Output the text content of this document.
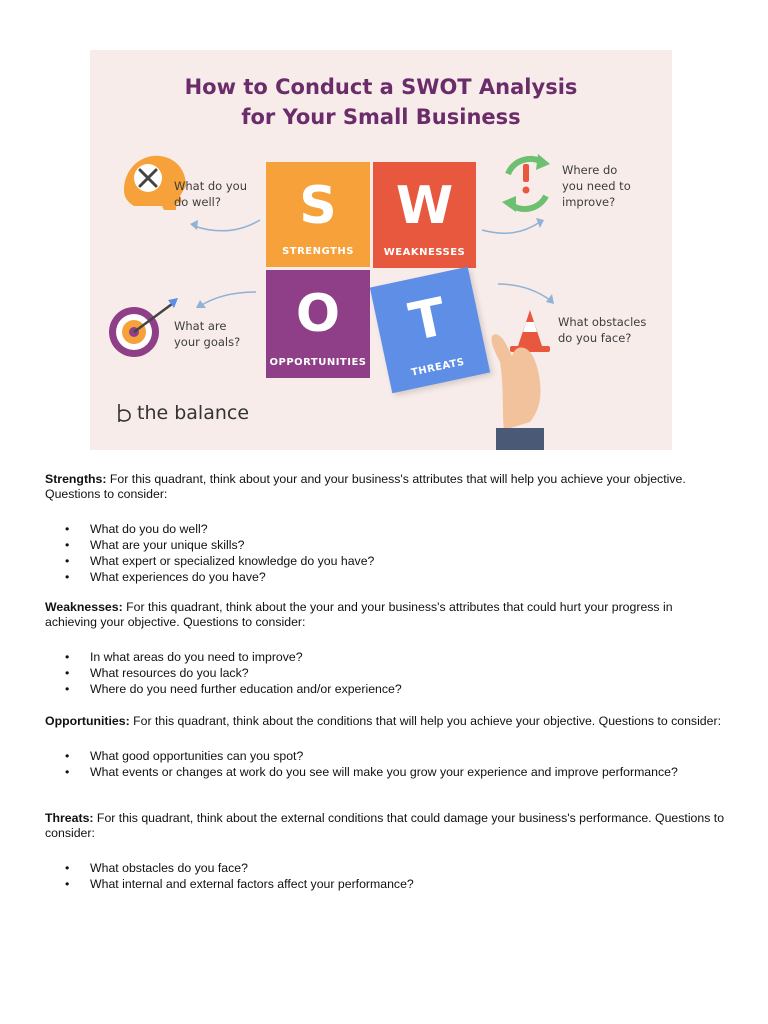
How to Conduct a SWOT Analysis
for Your Small Business
S
STRENGTHS
W
WEAKNESSES
O
OPPORTUNITIES
T
THREATS
What do you
do well?
Where do
you need to
improve?
What are
your goals?
What obstacles
do you face?
the balance

Strengths: For this quadrant, think about your and your business's attributes that will help you achieve your objective. Questions to consider:

• What do you do well?
• What are your unique skills?
• What expert or specialized knowledge do you have?
• What experiences do you have?

Weaknesses: For this quadrant, think about the your and your business's attributes that could hurt your progress in achieving your objective. Questions to consider:

• In what areas do you need to improve?
• What resources do you lack?
• Where do you need further education and/or experience?

Opportunities: For this quadrant, think about the conditions that will help you achieve your objective. Questions to consider:

• What good opportunities can you spot?
• What events or changes at work do you see will make you grow your experience and improve performance?

Threats: For this quadrant, think about the external conditions that could damage your business's performance. Questions to consider:

• What obstacles do you face?
• What internal and external factors affect your performance?
